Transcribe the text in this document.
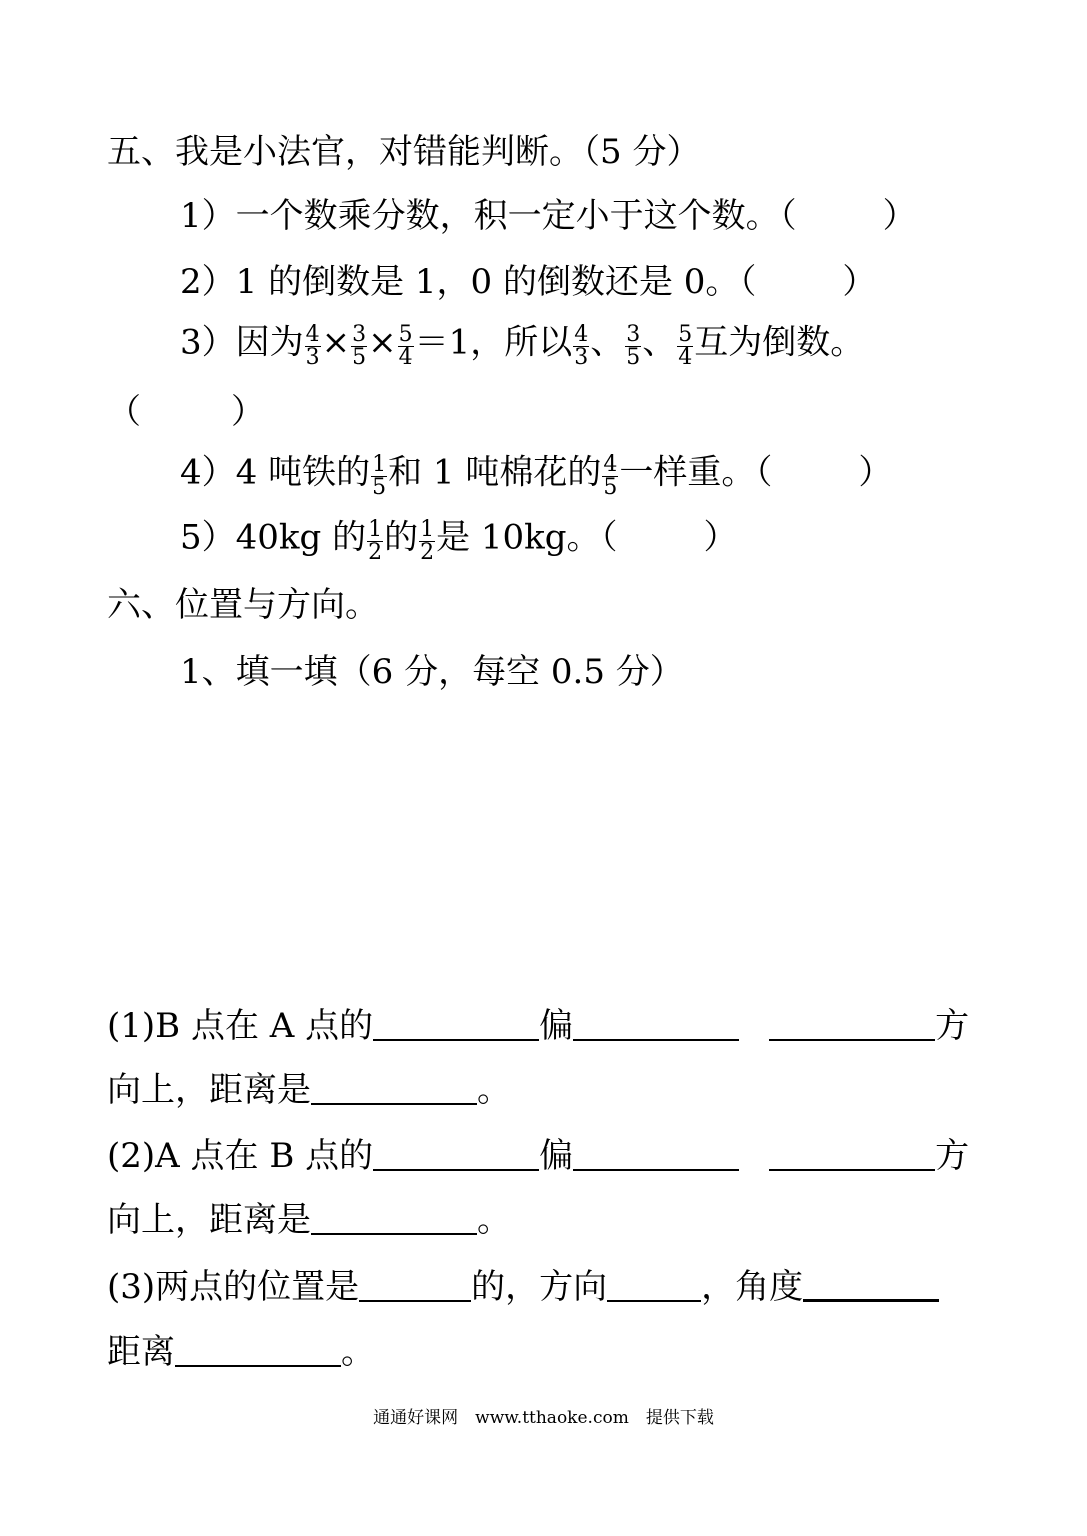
五、我是小法官，对错能判断。（5 分）
1）一个数乘分数，积一定小于这个数。（	）
2）1 的倒数是 1，0 的倒数还是 0。（	）
3）因为 $\frac{4}{3} \times \frac{3}{5} \times \frac{5}{4} =1$，所以 $\frac{4}{3}$ 、 $\frac{3}{5}$ 、 $\frac{5}{4}$ 互为倒数。
（	）
4）4 吨铁的 $\frac{1}{5}$ 和 1 吨棉花的 $\frac{4}{5}$ 一样重。（	）
5）40kg 的 $\frac{1}{2}$ 的 $\frac{1}{2}$ 是 10kg。（	）
六、位置与方向。
1、填一填（6 分，每空 0.5 分）
(1)B 点在 A 点的	偏	方
向上，距离是	。
(2)A 点在 B 点的	偏	方
向上，距离是	。
(3)两点的位置是	的，方向	，角度
距离	。
通通好课网　www.tthaoke.com　提供下载
